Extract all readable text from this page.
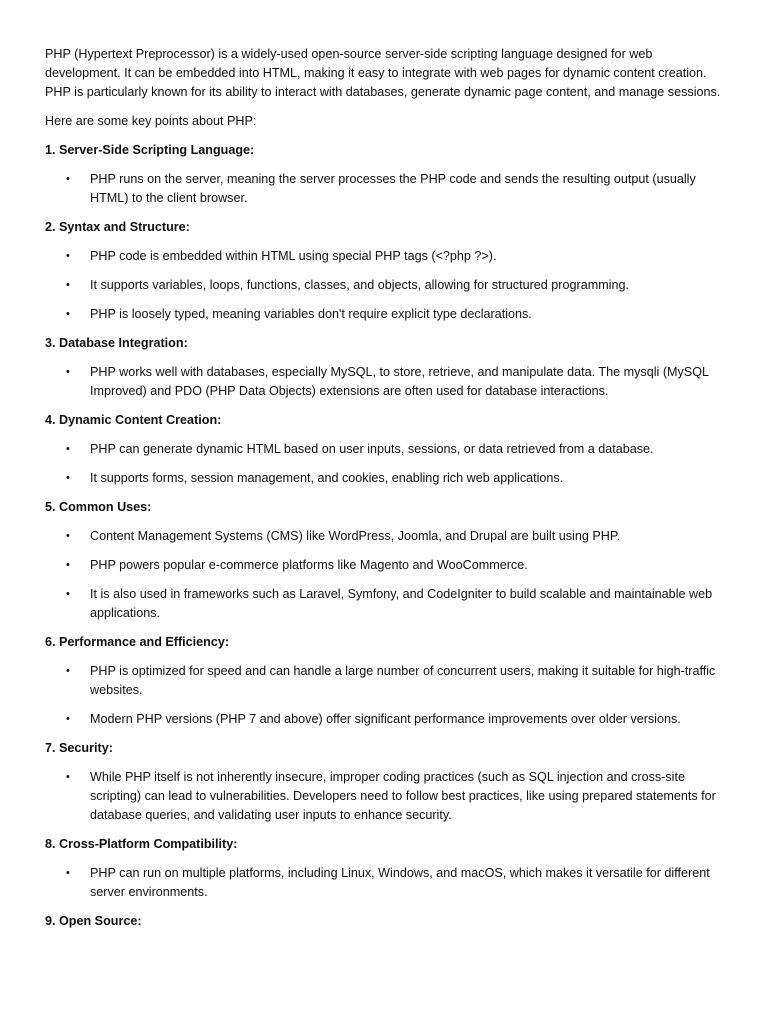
PHP (Hypertext Preprocessor) is a widely-used open-source server-side scripting language designed for web development. It can be embedded into HTML, making it easy to integrate with web pages for dynamic content creation. PHP is particularly known for its ability to interact with databases, generate dynamic page content, and manage sessions.

Here are some key points about PHP:

1. Server-Side Scripting Language:

• PHP runs on the server, meaning the server processes the PHP code and sends the resulting output (usually HTML) to the client browser.

2. Syntax and Structure:

• PHP code is embedded within HTML using special PHP tags (<?php ?>).
• It supports variables, loops, functions, classes, and objects, allowing for structured programming.
• PHP is loosely typed, meaning variables don't require explicit type declarations.

3. Database Integration:

• PHP works well with databases, especially MySQL, to store, retrieve, and manipulate data. The mysqli (MySQL Improved) and PDO (PHP Data Objects) extensions are often used for database interactions.

4. Dynamic Content Creation:

• PHP can generate dynamic HTML based on user inputs, sessions, or data retrieved from a database.
• It supports forms, session management, and cookies, enabling rich web applications.

5. Common Uses:

• Content Management Systems (CMS) like WordPress, Joomla, and Drupal are built using PHP.
• PHP powers popular e-commerce platforms like Magento and WooCommerce.
• It is also used in frameworks such as Laravel, Symfony, and CodeIgniter to build scalable and maintainable web applications.

6. Performance and Efficiency:

• PHP is optimized for speed and can handle a large number of concurrent users, making it suitable for high-traffic websites.
• Modern PHP versions (PHP 7 and above) offer significant performance improvements over older versions.

7. Security:

• While PHP itself is not inherently insecure, improper coding practices (such as SQL injection and cross-site scripting) can lead to vulnerabilities. Developers need to follow best practices, like using prepared statements for database queries, and validating user inputs to enhance security.

8. Cross-Platform Compatibility:

• PHP can run on multiple platforms, including Linux, Windows, and macOS, which makes it versatile for different server environments.

9. Open Source:
